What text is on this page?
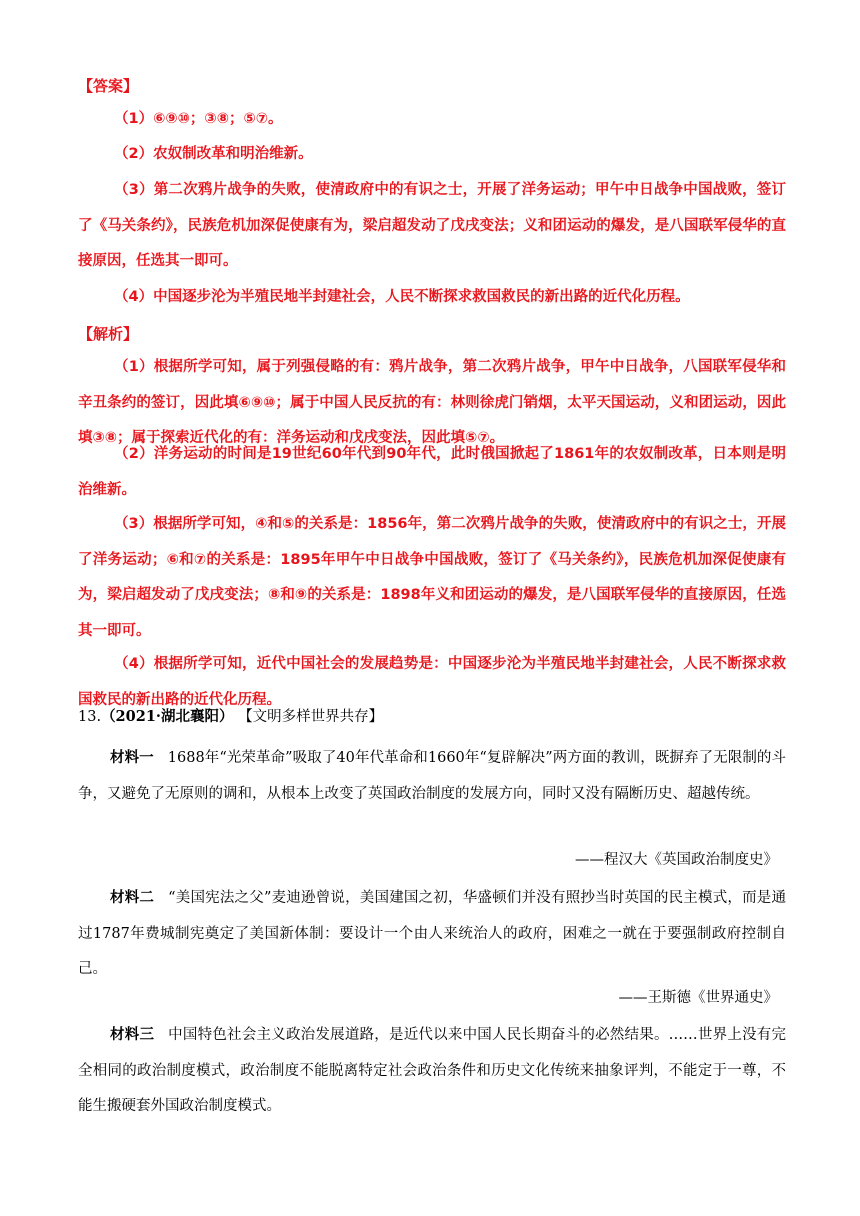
【答案】

（1）⑥⑨⑩；③⑧；⑤⑦。

（2）农奴制改革和明治维新。

（3）第二次鸦片战争的失败，使清政府中的有识之士，开展了洋务运动；甲午中日战争中国战败，签订了《马关条约》，民族危机加深促使康有为，梁启超发动了戊戌变法；义和团运动的爆发，是八国联军侵华的直接原因，任选其一即可。

（4）中国逐步沦为半殖民地半封建社会，人民不断探求救国救民的新出路的近代化历程。

【解析】

（1）根据所学可知，属于列强侵略的有：鸦片战争，第二次鸦片战争，甲午中日战争，八国联军侵华和辛丑条约的签订，因此填⑥⑨⑩；属于中国人民反抗的有：林则徐虎门销烟，太平天国运动，义和团运动，因此填③⑧；属于探索近代化的有：洋务运动和戊戌变法，因此填⑤⑦。

（2）洋务运动的时间是19世纪60年代到90年代，此时俄国掀起了1861年的农奴制改革，日本则是明治维新。

（3）根据所学可知，④和⑤的关系是：1856年，第二次鸦片战争的失败，使清政府中的有识之士，开展了洋务运动；⑥和⑦的关系是：1895年甲午中日战争中国战败，签订了《马关条约》，民族危机加深促使康有为，梁启超发动了戊戌变法；⑧和⑨的关系是：1898年义和团运动的爆发，是八国联军侵华的直接原因，任选其一即可。

（4）根据所学可知，近代中国社会的发展趋势是：中国逐步沦为半殖民地半封建社会，人民不断探求救国救民的新出路的近代化历程。

13.（2021·湖北襄阳） 【文明多样世界共存】

材料一 1688年“光荣革命”吸取了40年代革命和1660年“复辟解决”两方面的教训，既摒弃了无限制的斗争，又避免了无原则的调和，从根本上改变了英国政治制度的发展方向，同时又没有隔断历史、超越传统。

——程汉大《英国政治制度史》

材料二 “美国宪法之父”麦迪逊曾说，美国建国之初，华盛顿们并没有照抄当时英国的民主模式，而是通过1787年费城制宪奠定了美国新体制：要设计一个由人来统治人的政府，困难之一就在于要强制政府控制自己。

——王斯德《世界通史》

材料三 中国特色社会主义政治发展道路，是近代以来中国人民长期奋斗的必然结果。……世界上没有完全相同的政治制度模式，政治制度不能脱离特定社会政治条件和历史文化传统来抽象评判，不能定于一尊，不能生搬硬套外国政治制度模式。
